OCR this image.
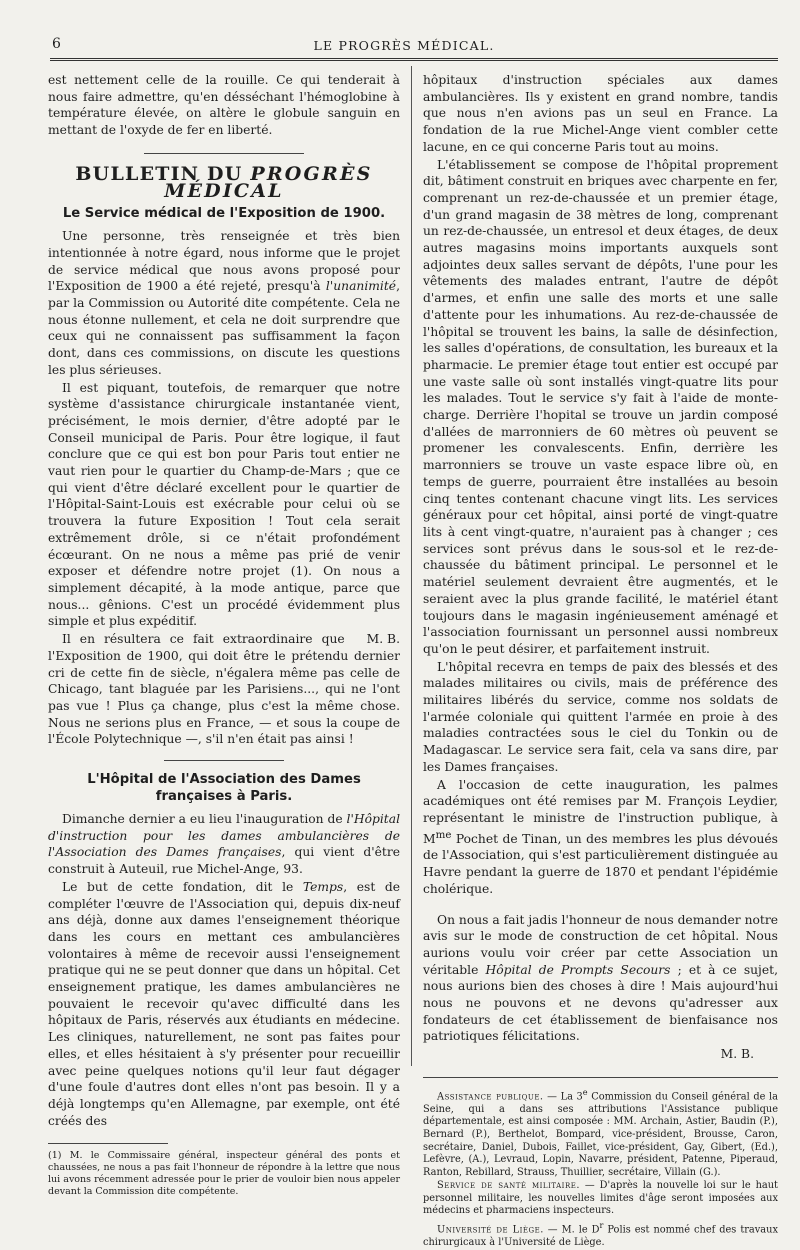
6	LE PROGRÈS MÉDICAL.

est nettement celle de la rouille. Ce qui tenderait à nous faire admettre, qu'en désséchant l'hémoglobine à température élevée, on altère le globule sanguin en mettant de l'oxyde de fer en liberté.

BULLETIN DU PROGRÈS MÉDICAL
Le Service médical de l'Exposition de 1900.

Une personne, très renseignée et très bien intentionnée à notre égard, nous informe que le projet de service médical que nous avons proposé pour l'Exposition de 1900 a été rejeté, presqu'à l'unanimité, par la Commission ou Autorité dite compétente. Cela ne nous étonne nullement, et cela ne doit surprendre que ceux qui ne connaissent pas suffisamment la façon dont, dans ces commissions, on discute les questions les plus sérieuses.

Il est piquant, toutefois, de remarquer que notre système d'assistance chirurgicale instantanée vient, précisément, le mois dernier, d'être adopté par le Conseil municipal de Paris. Pour être logique, il faut conclure que ce qui est bon pour Paris tout entier ne vaut rien pour le quartier du Champ-de-Mars ; que ce qui vient d'être déclaré excellent pour le quartier de l'Hôpital-Saint-Louis est exécrable pour celui où se trouvera la future Exposition ! Tout cela serait extrêmement drôle, si ce n'était profondément écœurant. On ne nous a même pas prié de venir exposer et défendre notre projet (1). On nous a simplement décapité, à la mode antique, parce que nous... gênions. C'est un procédé évidemment plus simple et plus expéditif.

M. B.
Il en résultera ce fait extraordinaire que l'Exposition de 1900, qui doit être le prétendu dernier cri de cette fin de siècle, n'égalera même pas celle de Chicago, tant blaguée par les Parisiens..., qui ne l'ont pas vue ! Plus ça change, plus c'est la même chose. Nous ne serions plus en France, — et sous la coupe de l'École Polytechnique —, s'il n'en était pas ainsi !

L'Hôpital de l'Association des Dames françaises à Paris.

Dimanche dernier a eu lieu l'inauguration de l'Hôpital d'instruction pour les dames ambulancières de l'Association des Dames françaises, qui vient d'être construit à Auteuil, rue Michel-Ange, 93.

Le but de cette fondation, dit le Temps, est de compléter l'œuvre de l'Association qui, depuis dix-neuf ans déjà, donne aux dames l'enseignement théorique dans les cours en mettant ces ambulancières volontaires à même de recevoir aussi l'enseignement pratique qui ne se peut donner que dans un hôpital. Cet enseignement pratique, les dames ambulancières ne pouvaient le recevoir qu'avec difficulté dans les hôpitaux de Paris, réservés aux étudiants en médecine. Les cliniques, naturellement, ne sont pas faites pour elles, et elles hésitaient à s'y présenter pour recueillir avec peine quelques notions qu'il leur faut dégager d'une foule d'autres dont elles n'ont pas besoin. Il y a déjà longtemps qu'en Allemagne, par exemple, ont été créés des

(1) M. le Commissaire général, inspecteur général des ponts et chaussées, ne nous a pas fait l'honneur de répondre à la lettre que nous lui avons récemment adressée pour le prier de vouloir bien nous appeler devant la Commission dite compétente.

hôpitaux d'instruction spéciales aux dames ambulancières. Ils y existent en grand nombre, tandis que nous n'en avions pas un seul en France. La fondation de la rue Michel-Ange vient combler cette lacune, en ce qui concerne Paris tout au moins.

L'établissement se compose de l'hôpital proprement dit, bâtiment construit en briques avec charpente en fer, comprenant un rez-de-chaussée et un premier étage, d'un grand magasin de 38 mètres de long, comprenant un rez-de-chaussée, un entresol et deux étages, de deux autres magasins moins importants auxquels sont adjointes deux salles servant de dépôts, l'une pour les vêtements des malades entrant, l'autre de dépôt d'armes, et enfin une salle des morts et une salle d'attente pour les inhumations. Au rez-de-chaussée de l'hôpital se trouvent les bains, la salle de désinfection, les salles d'opérations, de consultation, les bureaux et la pharmacie. Le premier étage tout entier est occupé par une vaste salle où sont installés vingt-quatre lits pour les malades. Tout le service s'y fait à l'aide de monte-charge. Derrière l'hopital se trouve un jardin composé d'allées de marronniers de 60 mètres où peuvent se promener les convalescents. Enfin, derrière les marronniers se trouve un vaste espace libre où, en temps de guerre, pourraient être installées au besoin cinq tentes contenant chacune vingt lits. Les services généraux pour cet hôpital, ainsi porté de vingt-quatre lits à cent vingt-quatre, n'auraient pas à changer ; ces services sont prévus dans le sous-sol et le rez-de-chaussée du bâtiment principal. Le personnel et le matériel seulement devraient être augmentés, et le seraient avec la plus grande facilité, le matériel étant toujours dans le magasin ingénieusement aménagé et l'association fournissant un personnel aussi nombreux qu'on le peut désirer, et parfaitement instruit.

L'hôpital recevra en temps de paix des blessés et des malades militaires ou civils, mais de préférence des militaires libérés du service, comme nos soldats de l'armée coloniale qui quittent l'armée en proie à des maladies contractées sous le ciel du Tonkin ou de Madagascar. Le service sera fait, cela va sans dire, par les Dames françaises.

A l'occasion de cette inauguration, les palmes académiques ont été remises par M. François Leydier, représentant le ministre de l'instruction publique, à $M^{me}$ Pochet de Tinan, un des membres les plus dévoués de l'Association, qui s'est particulièrement distinguée au Havre pendant la guerre de 1870 et pendant l'épidémie cholérique.

On nous a fait jadis l'honneur de nous demander notre avis sur le mode de construction de cet hôpital. Nous aurions voulu voir créer par cette Association un véritable Hôpital de Prompts Secours ; et à ce sujet, nous aurions bien des choses à dire ! Mais aujourd'hui nous ne pouvons et ne devons qu'adresser aux fondateurs de cet établissement de bienfaisance nos patriotiques félicitations.

M. B.

Assistance publique. — La 3e Commission du Conseil général de la Seine, qui a dans ses attributions l'Assistance publique départementale, est ainsi composée : MM. Archain, Astier, Baudin (P.), Bernard (P.), Berthelot, Bompard, vice-président, Brousse, Caron, secrétaire, Daniel, Dubois, Faillet, vice-président, Gay, Gibert, (Ed.), Lefèvre, (A.), Levraud, Lopin, Navarre, président, Patenne, Piperaud, Ranton, Rebillard, Strauss, Thuillier, secrétaire, Villain (G.).

Service de santé militaire. — D'après la nouvelle loi sur le haut personnel militaire, les nouvelles limites d'âge seront imposées aux médecins et pharmaciens inspecteurs.

Université de Liège. — M. le $D^r$ Polis est nommé chef des travaux chirurgicaux à l'Université de Liège.
